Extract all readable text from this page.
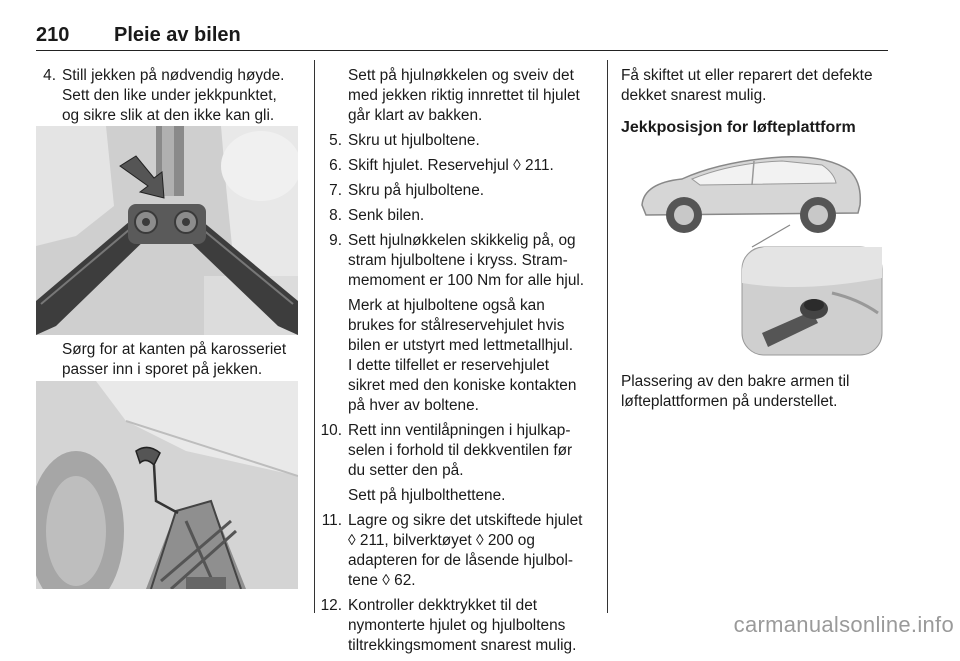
210 Pleie av bilen
4. Still jekken på nødvendig høyde.
Sett den like under jekkpunktet,
og sikre slik at den ikke kan gli.
Sørg for at kanten på karosseriet
passer inn i sporet på jekken.
Sett på hjulnøkkelen og sveiv det
med jekken riktig innrettet til hjulet
går klart av bakken.
5. Skru ut hjulboltene.
6. Skift hjulet. Reservehjul ◊ 211.
7. Skru på hjulboltene.
8. Senk bilen.
9. Sett hjulnøkkelen skikkelig på, og
stram hjulboltene i kryss. Stram-
memoment er 100 Nm for alle hjul.
Merk at hjulboltene også kan
brukes for stålreservehjulet hvis
bilen er utstyrt med lettmetallhjul.
I dette tilfellet er reservehjulet
sikret med den koniske kontakten
på hver av boltene.
10. Rett inn ventilåpningen i hjulkap-
selen i forhold til dekkventilen før
du setter den på.
Sett på hjulbolthettene.
11. Lagre og sikre det utskiftede hjulet
◊ 211, bilverktøyet ◊ 200 og
adapteren for de låsende hjulbol-
tene ◊ 62.
12. Kontroller dekktrykket til det
nymonterte hjulet og hjulboltens
tiltrekkingsmoment snarest mulig.
Få skiftet ut eller reparert det defekte
dekket snarest mulig.
Jekkposisjon for løfteplattform
Plassering av den bakre armen til
løfteplattformen på understellet.
carmanualsonline.info
